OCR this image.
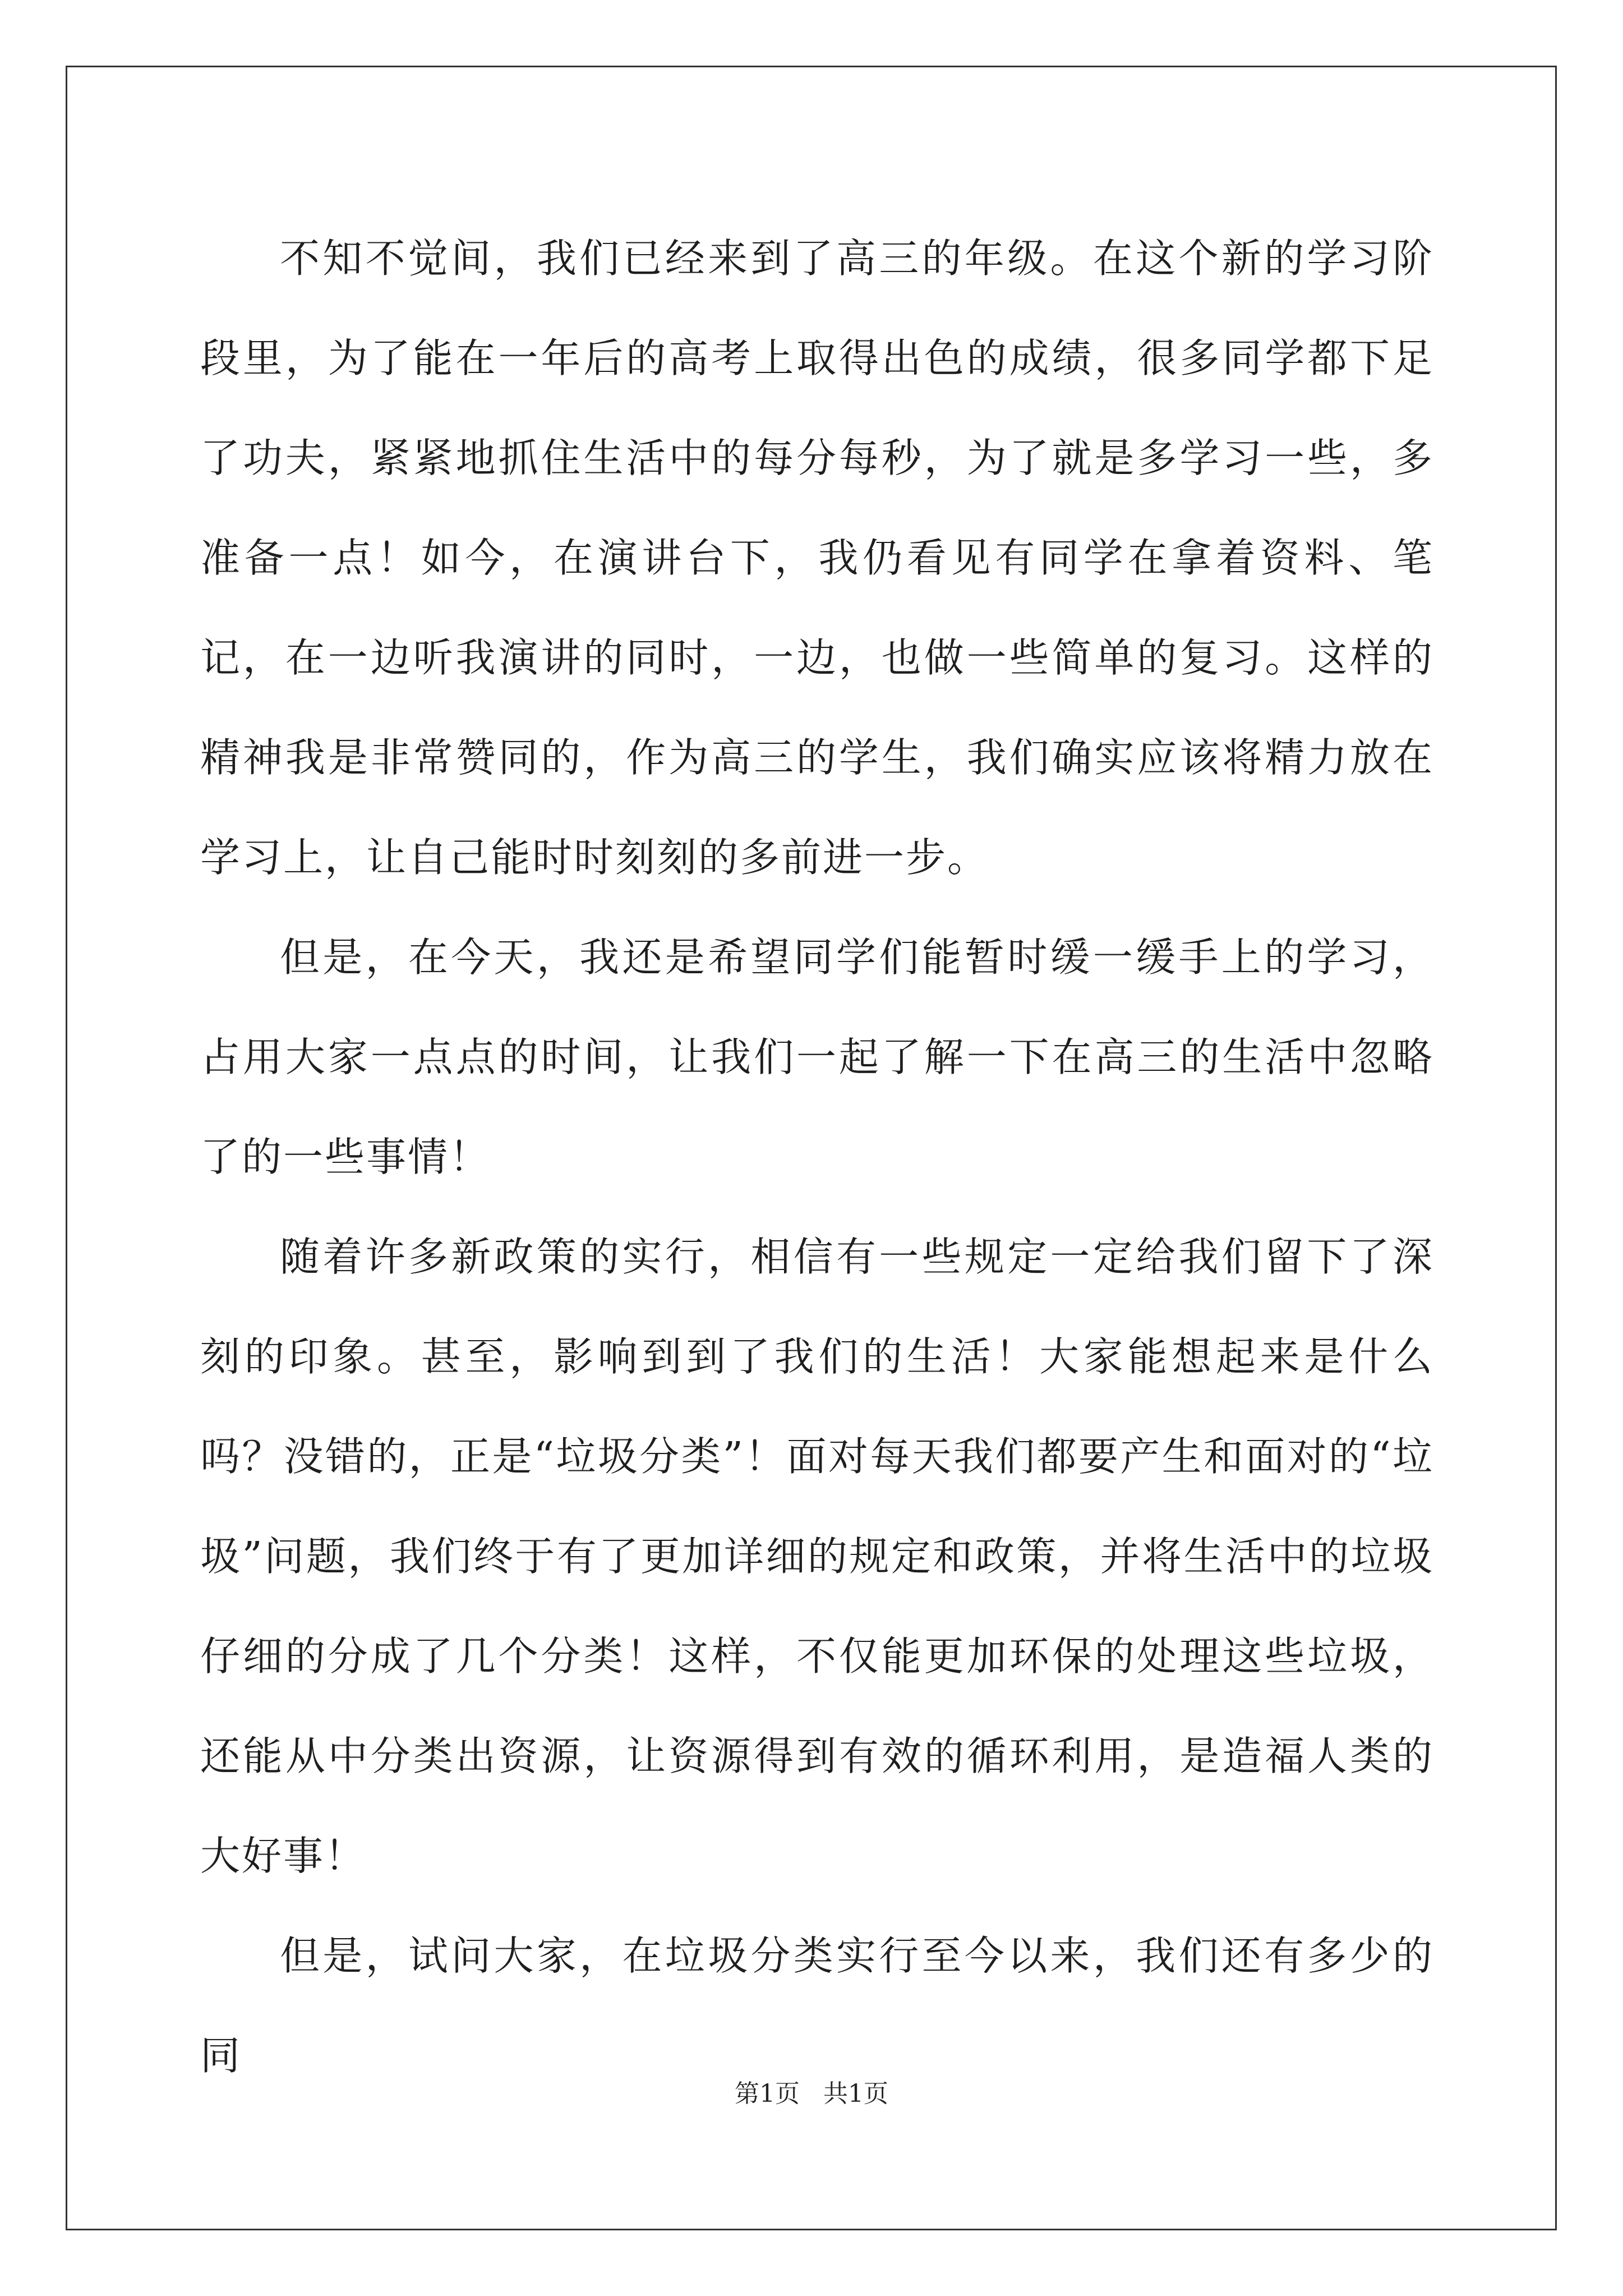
不知不觉间，我们已经来到了高三的年级。在这个新的学习阶段里，为了能在一年后的高考上取得出色的成绩，很多同学都下足了功夫，紧紧地抓住生活中的每分每秒，为了就是多学习一些，多准备一点！如今，在演讲台下，我仍看见有同学在拿着资料、笔记，在一边听我演讲的同时，一边，也做一些简单的复习。这样的精神我是非常赞同的，作为高三的学生，我们确实应该将精力放在学习上，让自己能时时刻刻的多前进一步。

但是，在今天，我还是希望同学们能暂时缓一缓手上的学习，占用大家一点点的时间，让我们一起了解一下在高三的生活中忽略了的一些事情！

随着许多新政策的实行，相信有一些规定一定给我们留下了深刻的印象。甚至，影响到到了我们的生活！大家能想起来是什么吗？没错的，正是“垃圾分类”！面对每天我们都要产生和面对的“垃圾”问题，我们终于有了更加详细的规定和政策，并将生活中的垃圾仔细的分成了几个分类！这样，不仅能更加环保的处理这些垃圾，还能从中分类出资源，让资源得到有效的循环利用，是造福人类的大好事！

但是，试问大家，在垃圾分类实行至今以来，我们还有多少的同

第1页   共1页
